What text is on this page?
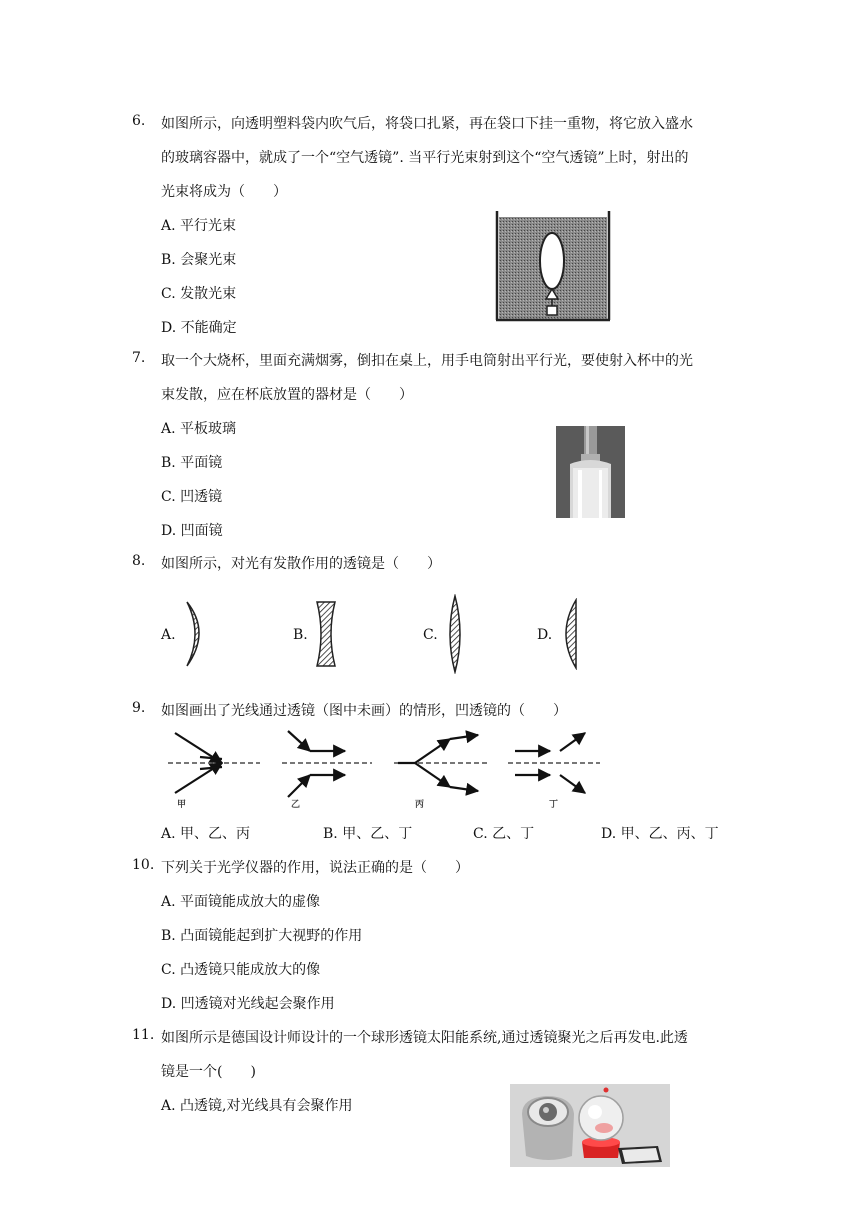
6. 如图所示，向透明塑料袋内吹气后，将袋口扎紧，再在袋口下挂一重物，将它放入盛水
的玻璃容器中，就成了一个“空气透镜”. 当平行光束射到这个“空气透镜”上时，射出的
光束将成为（　　）
A. 平行光束
B. 会聚光束
C. 发散光束
D. 不能确定
7. 取一个大烧杯，里面充满烟雾，倒扣在桌上，用手电筒射出平行光，要使射入杯中的光
束发散，应在杯底放置的器材是（　　）
A. 平板玻璃
B. 平面镜
C. 凹透镜
D. 凹面镜
8. 如图所示，对光有发散作用的透镜是（　　）
A.	B.	C.	D.
9. 如图画出了光线通过透镜（图中未画）的情形，凹透镜的（　　）
甲	乙	丙	丁
A. 甲、乙、丙	B. 甲、乙、丁	C. 乙、丁	D. 甲、乙、丙、丁
10. 下列关于光学仪器的作用，说法正确的是（　　）
A. 平面镜能成放大的虚像
B. 凸面镜能起到扩大视野的作用
C. 凸透镜只能成放大的像
D. 凹透镜对光线起会聚作用
11. 如图所示是德国设计师设计的一个球形透镜太阳能系统,通过透镜聚光之后再发电.此透
镜是一个(　　)
A. 凸透镜,对光线具有会聚作用
